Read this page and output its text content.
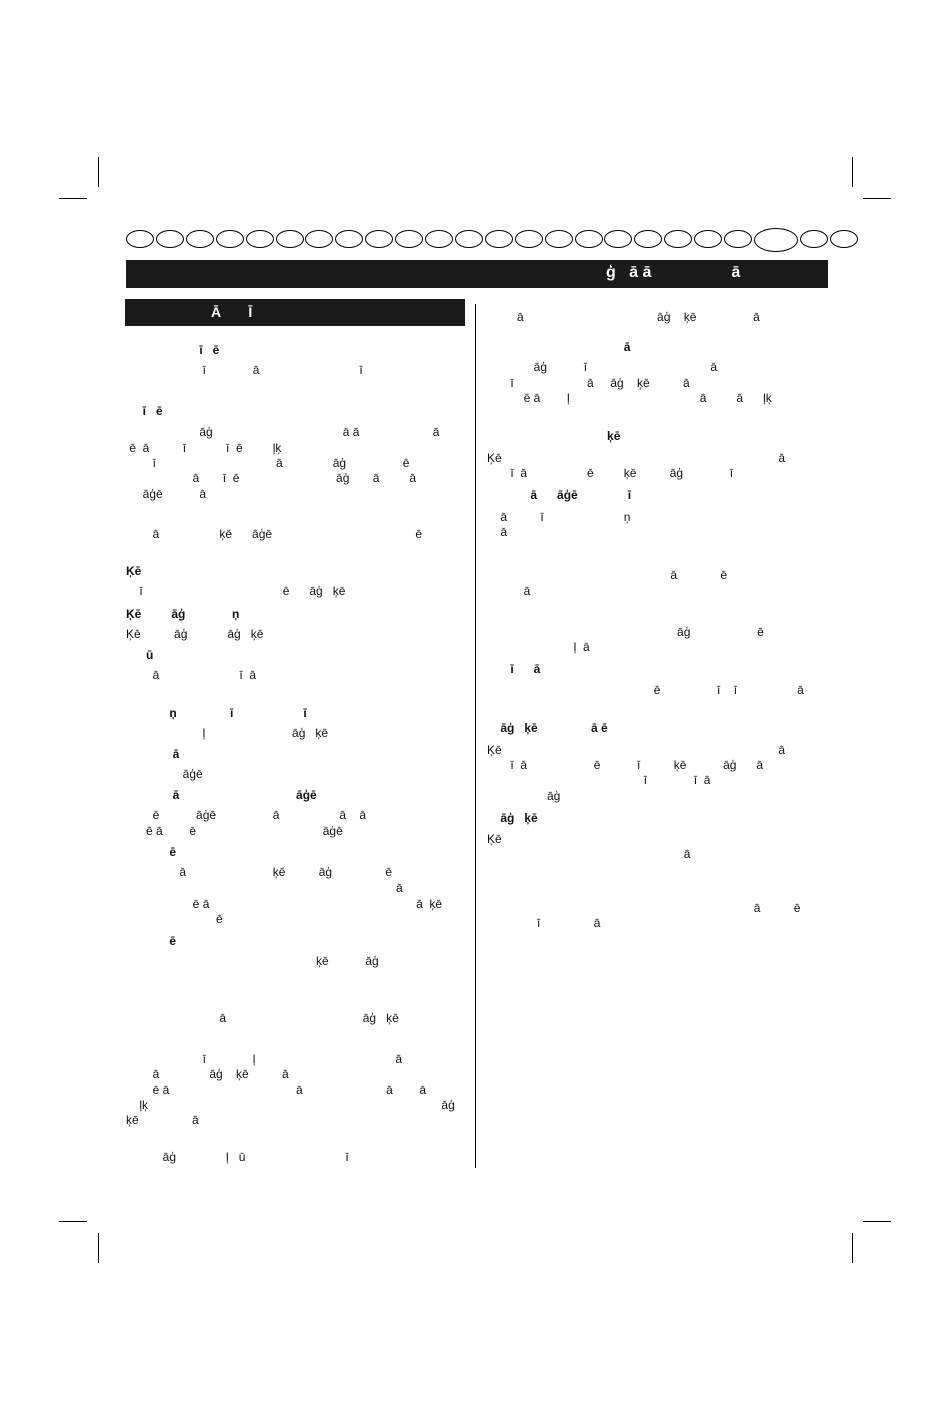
ģ   ā ā                  ā
Ā       Ī
ī   ē
ī              ā                              ī
ī   ē
āģ                                       ā ā                      ā
ē  ā          ī            ī  ē         ļķ
ī                                    ā               āģ                 ē
ā       ī  ē                             āģ       ā         ā
āģē           ā
ā                  ķē      āģē                                           ē
Ķē
ī                                          ē      āģ   ķē
Ķē         āģ              ņ
Ķē          āģ            āģ   ķē
ū
ā                        ī  ā
ņ                ī                     ī
ļ                          āģ   ķē
ā
āģē
ā                                   āģē
ē           āģē                 ā                  ā    ā
ē ā        ē                                      āģē
ē
ā                          ķē          āģ                ē
ā
ē ā                                                              ā  ķē
ē
ē
ķē           āģ
ā                                         āģ   ķē
ī              ļ                                          ā
ā               āģ    ķē          ā
ē ā                                      ā                         ā        ā
ļķ                                                                                        āģ
ķē                ā
āģ               ļ   ū                              ī
ā                                        āģ    ķē                 ā
ā
āģ           ī                                     ā
ī                      ā     āģ    ķē          ā
ē ā        ļ                                       ā         ā      ļķ
ķē
Ķē                                                                                   ā
ī  ā                  ē         ķē          āģ              ī
ā      āģē               ī
ā          ī                        ņ
ā
ā             ē
ā
āģ                    ē
ļ  ā
ī      ā
ē                 ī    ī                  ā
āģ   ķē                ā ē
Ķē                                                                                   ā
ī  ā                    ē           ī          ķē           āģ      ā
ī              ī  ā
āģ
āģ   ķē
Ķē
ā
ā          ē
ī                ā
